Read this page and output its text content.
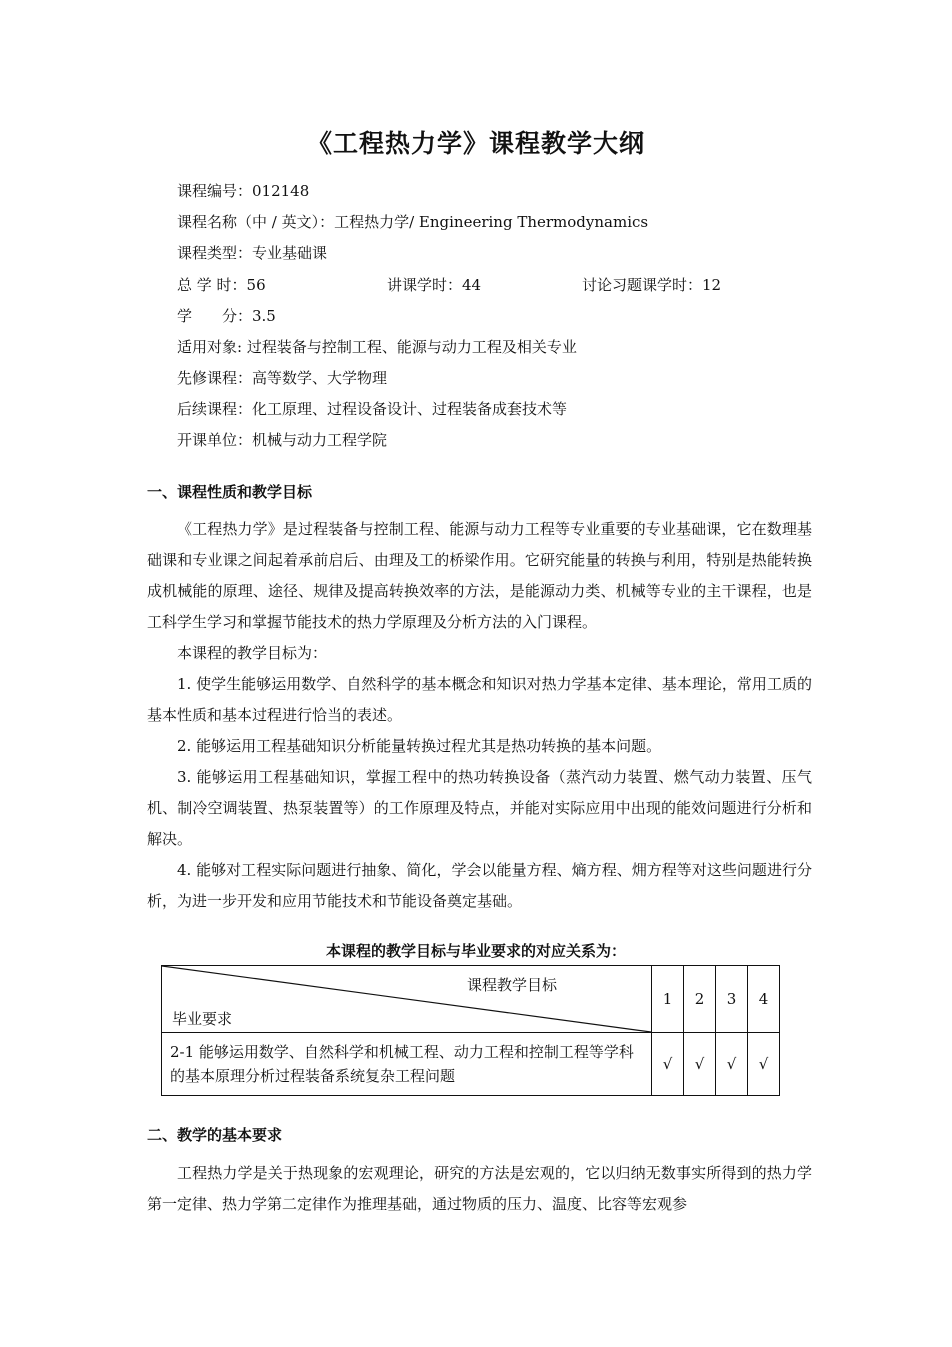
《工程热力学》课程教学大纲
课程编号：012148
课程名称（中 / 英文）：工程热力学/ Engineering Thermodynamics
课程类型：专业基础课
总 学 时：56	讲课学时：44	讨论习题课学时：12
学　　分：3.5
适用对象: 过程装备与控制工程、能源与动力工程及相关专业
先修课程：高等数学、大学物理
后续课程：化工原理、过程设备设计、过程装备成套技术等
开课单位：机械与动力工程学院
一、课程性质和教学目标

《工程热力学》是过程装备与控制工程、能源与动力工程等专业重要的专业基础课，它在数理基础课和专业课之间起着承前启后、由理及工的桥梁作用。它研究能量的转换与利用，特别是热能转换成机械能的原理、途径、规律及提高转换效率的方法，是能源动力类、机械等专业的主干课程，也是工科学生学习和掌握节能技术的热力学原理及分析方法的入门课程。

本课程的教学目标为：

1. 使学生能够运用数学、自然科学的基本概念和知识对热力学基本定律、基本理论，常用工质的基本性质和基本过程进行恰当的表述。

2. 能够运用工程基础知识分析能量转换过程尤其是热功转换的基本问题。

3. 能够运用工程基础知识，掌握工程中的热功转换设备（蒸汽动力装置、燃气动力装置、压气机、制冷空调装置、热泵装置等）的工作原理及特点，并能对实际应用中出现的能效问题进行分析和解决。

4. 能够对工程实际问题进行抽象、简化，学会以能量方程、熵方程、㶲方程等对这些问题进行分析，为进一步开发和应用节能技术和节能设备奠定基础。

本课程的教学目标与毕业要求的对应关系为：
课程教学目标
毕业要求	1	2	3	4
2-1 能够运用数学、自然科学和机械工程、动力工程和控制工程等学科的基本原理分析过程装备系统复杂工程问题	√	√	√	√
二、教学的基本要求

工程热力学是关于热现象的宏观理论，研究的方法是宏观的，它以归纳无数事实所得到的热力学第一定律、热力学第二定律作为推理基础，通过物质的压力、温度、比容等宏观参
